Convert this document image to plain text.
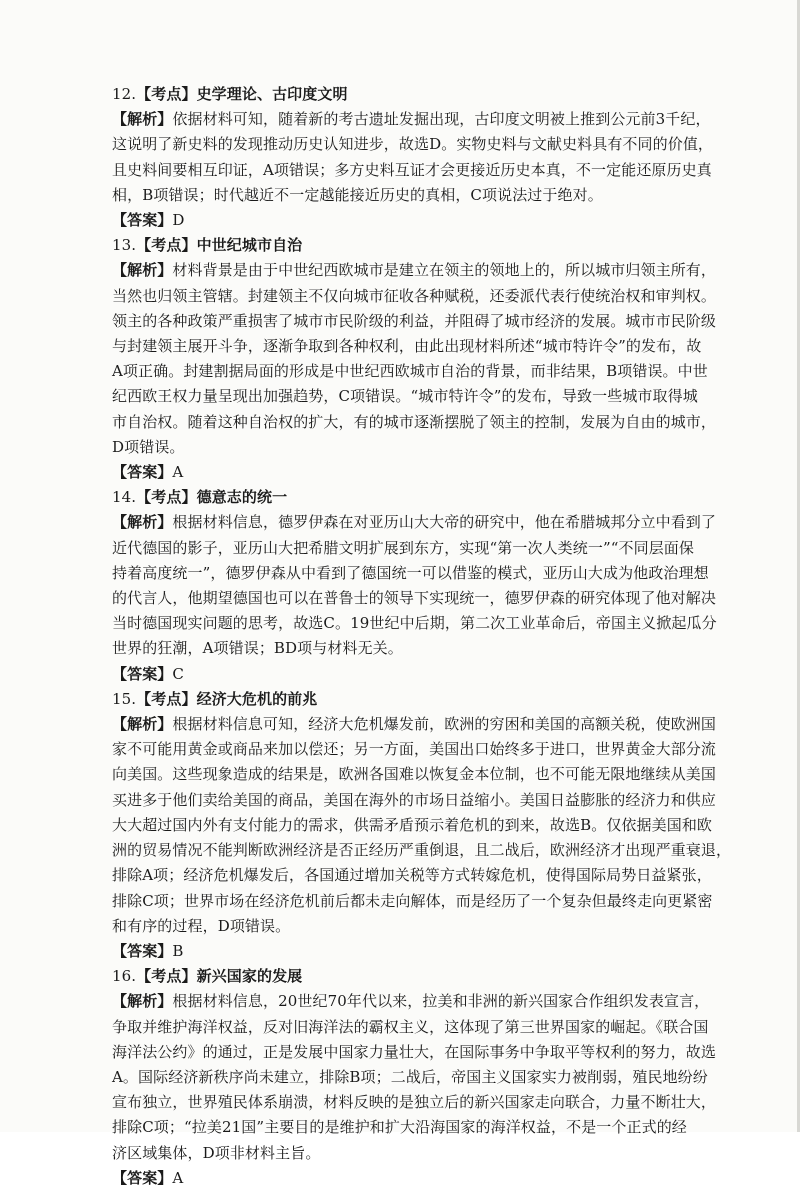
12.【考点】史学理论、古印度文明
【解析】依据材料可知，随着新的考古遗址发掘出现，古印度文明被上推到公元前3千纪，
这说明了新史料的发现推动历史认知进步，故选D。实物史料与文献史料具有不同的价值，
且史料间要相互印证，A项错误；多方史料互证才会更接近历史本真，不一定能还原历史真
相，B项错误；时代越近不一定越能接近历史的真相，C项说法过于绝对。
【答案】D
13.【考点】中世纪城市自治
【解析】材料背景是由于中世纪西欧城市是建立在领主的领地上的，所以城市归领主所有，
当然也归领主管辖。封建领主不仅向城市征收各种赋税，还委派代表行使统治权和审判权。
领主的各种政策严重损害了城市市民阶级的利益，并阻碍了城市经济的发展。城市市民阶级
与封建领主展开斗争，逐渐争取到各种权利，由此出现材料所述“城市特许令”的发布，故
A项正确。封建割据局面的形成是中世纪西欧城市自治的背景，而非结果，B项错误。中世
纪西欧王权力量呈现出加强趋势，C项错误。“城市特许令”的发布，导致一些城市取得城
市自治权。随着这种自治权的扩大，有的城市逐渐摆脱了领主的控制，发展为自由的城市，
D项错误。
【答案】A
14.【考点】德意志的统一
【解析】根据材料信息，德罗伊森在对亚历山大大帝的研究中，他在希腊城邦分立中看到了
近代德国的影子，亚历山大把希腊文明扩展到东方，实现“第一次人类统一”“不同层面保
持着高度统一”，德罗伊森从中看到了德国统一可以借鉴的模式，亚历山大成为他政治理想
的代言人，他期望德国也可以在普鲁士的领导下实现统一，德罗伊森的研究体现了他对解决
当时德国现实问题的思考，故选C。19世纪中后期，第二次工业革命后，帝国主义掀起瓜分
世界的狂潮，A项错误；BD项与材料无关。
【答案】C
15.【考点】经济大危机的前兆
【解析】根据材料信息可知，经济大危机爆发前，欧洲的穷困和美国的高额关税，使欧洲国
家不可能用黄金或商品来加以偿还；另一方面，美国出口始终多于进口，世界黄金大部分流
向美国。这些现象造成的结果是，欧洲各国难以恢复金本位制，也不可能无限地继续从美国
买进多于他们卖给美国的商品，美国在海外的市场日益缩小。美国日益膨胀的经济力和供应
大大超过国内外有支付能力的需求，供需矛盾预示着危机的到来，故选B。仅依据美国和欧
洲的贸易情况不能判断欧洲经济是否正经历严重倒退，且二战后，欧洲经济才出现严重衰退，
排除A项；经济危机爆发后，各国通过增加关税等方式转嫁危机，使得国际局势日益紧张，
排除C项；世界市场在经济危机前后都未走向解体，而是经历了一个复杂但最终走向更紧密
和有序的过程，D项错误。
【答案】B
16.【考点】新兴国家的发展
【解析】根据材料信息，20世纪70年代以来，拉美和非洲的新兴国家合作组织发表宣言，
争取并维护海洋权益，反对旧海洋法的霸权主义，这体现了第三世界国家的崛起。《联合国
海洋法公约》的通过，正是发展中国家力量壮大，在国际事务中争取平等权利的努力，故选
A。国际经济新秩序尚未建立，排除B项；二战后，帝国主义国家实力被削弱，殖民地纷纷
宣布独立，世界殖民体系崩溃，材料反映的是独立后的新兴国家走向联合，力量不断壮大，
排除C项；“拉美21国”主要目的是维护和扩大沿海国家的海洋权益，不是一个正式的经
济区域集体，D项非材料主旨。
【答案】A
